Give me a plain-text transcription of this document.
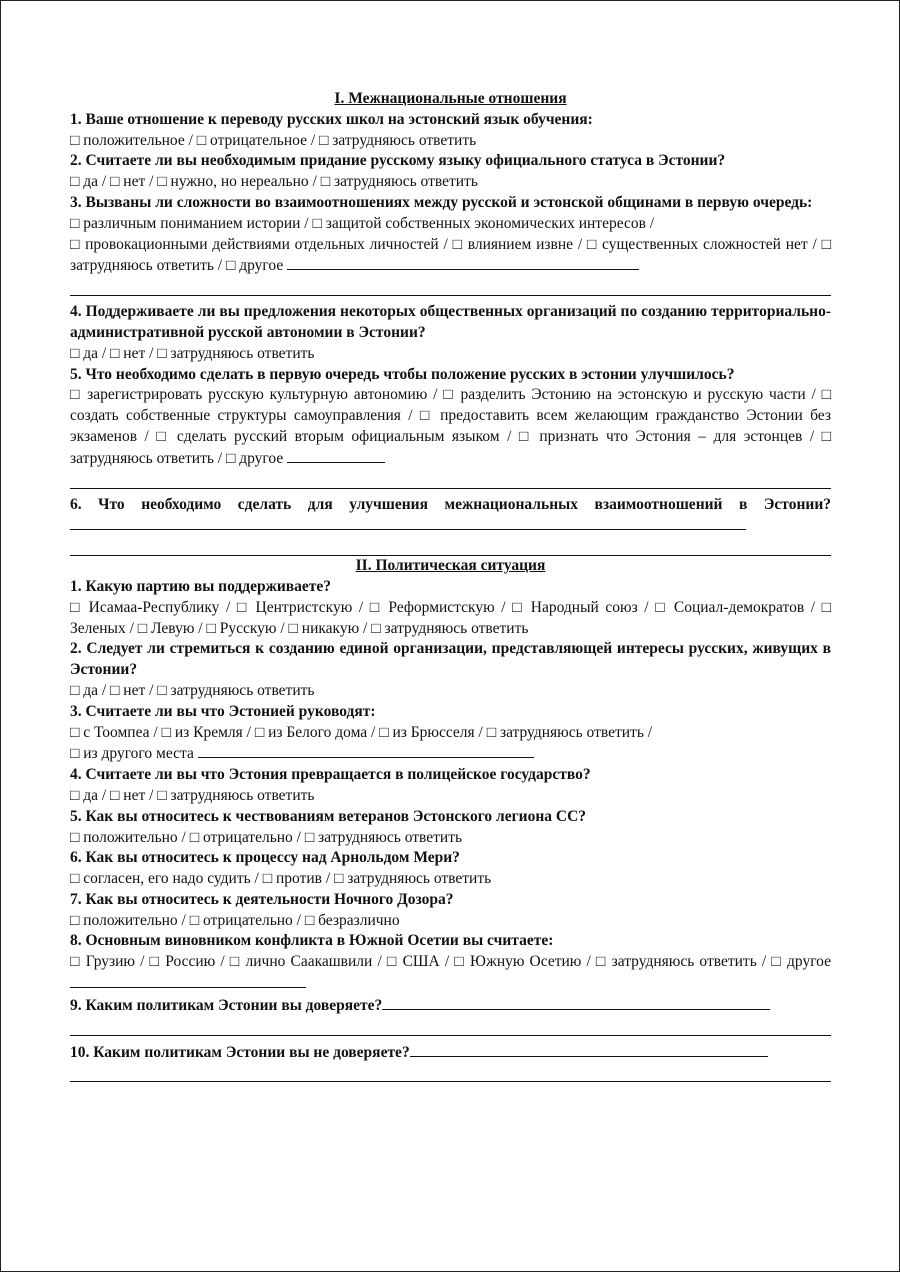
I. Межнациональные отношения
1. Ваше отношение к переводу русских школ на эстонский язык обучения:
□ положительное / □ отрицательное / □ затрудняюсь ответить
2. Считаете ли вы необходимым придание русскому языку официального статуса в Эстонии?
□ да / □ нет / □ нужно, но нереально / □ затрудняюсь ответить
3. Вызваны ли сложности во взаимоотношениях между русской и эстонской общинами в первую очередь:
□ различным пониманием истории / □ защитой собственных экономических интересов /
□ провокационными действиями отдельных личностей / □ влиянием извне / □ существенных сложностей нет / □ затрудняюсь ответить / □ другое
4. Поддерживаете ли вы предложения некоторых общественных организаций по созданию территориально-административной русской автономии в Эстонии?
□ да / □ нет / □ затрудняюсь ответить
5. Что необходимо сделать в первую очередь чтобы положение русских в эстонии улучшилось?
□ зарегистрировать русскую культурную автономию / □ разделить Эстонию на эстонскую и русскую части / □ создать собственные структуры самоуправления / □ предоставить всем желающим гражданство Эстонии без экзаменов / □ сделать русский вторым официальным языком / □ признать что Эстония – для эстонцев / □ затрудняюсь ответить / □ другое
6. Что необходимо сделать для улучшения межнациональных взаимоотношений в Эстонии?
II. Политическая ситуация
1. Какую партию вы поддерживаете?
□ Исамаа-Республику / □ Центристскую / □ Реформистскую / □ Народный союз / □ Социал-демократов / □ Зеленых / □ Левую / □ Русскую / □ никакую / □ затрудняюсь ответить
2. Следует ли стремиться к созданию единой организации, представляющей интересы русских, живущих в Эстонии?
□ да / □ нет / □ затрудняюсь ответить
3. Считаете ли вы что Эстонией руководят:
□ с Тоомпеа / □ из Кремля / □ из Белого дома / □ из Брюсселя / □ затрудняюсь ответить /
□ из другого места
4. Считаете ли вы что Эстония превращается в полицейское государство?
□ да / □ нет / □ затрудняюсь ответить
5. Как вы относитесь к чествованиям ветеранов Эстонского легиона СС?
□ положительно / □ отрицательно / □ затрудняюсь ответить
6. Как вы относитесь к процессу над Арнольдом Мери?
□ согласен, его надо судить / □ против / □ затрудняюсь ответить
7. Как вы относитесь к деятельности Ночного Дозора?
□ положительно / □ отрицательно / □ безразлично
8. Основным виновником конфликта в Южной Осетии вы считаете:
□ Грузию / □ Россию / □ лично Саакашвили / □ США / □ Южную Осетию / □ затрудняюсь ответить / □ другое
9. Каким политикам Эстонии вы доверяете?
10. Каким политикам Эстонии вы не доверяете?
